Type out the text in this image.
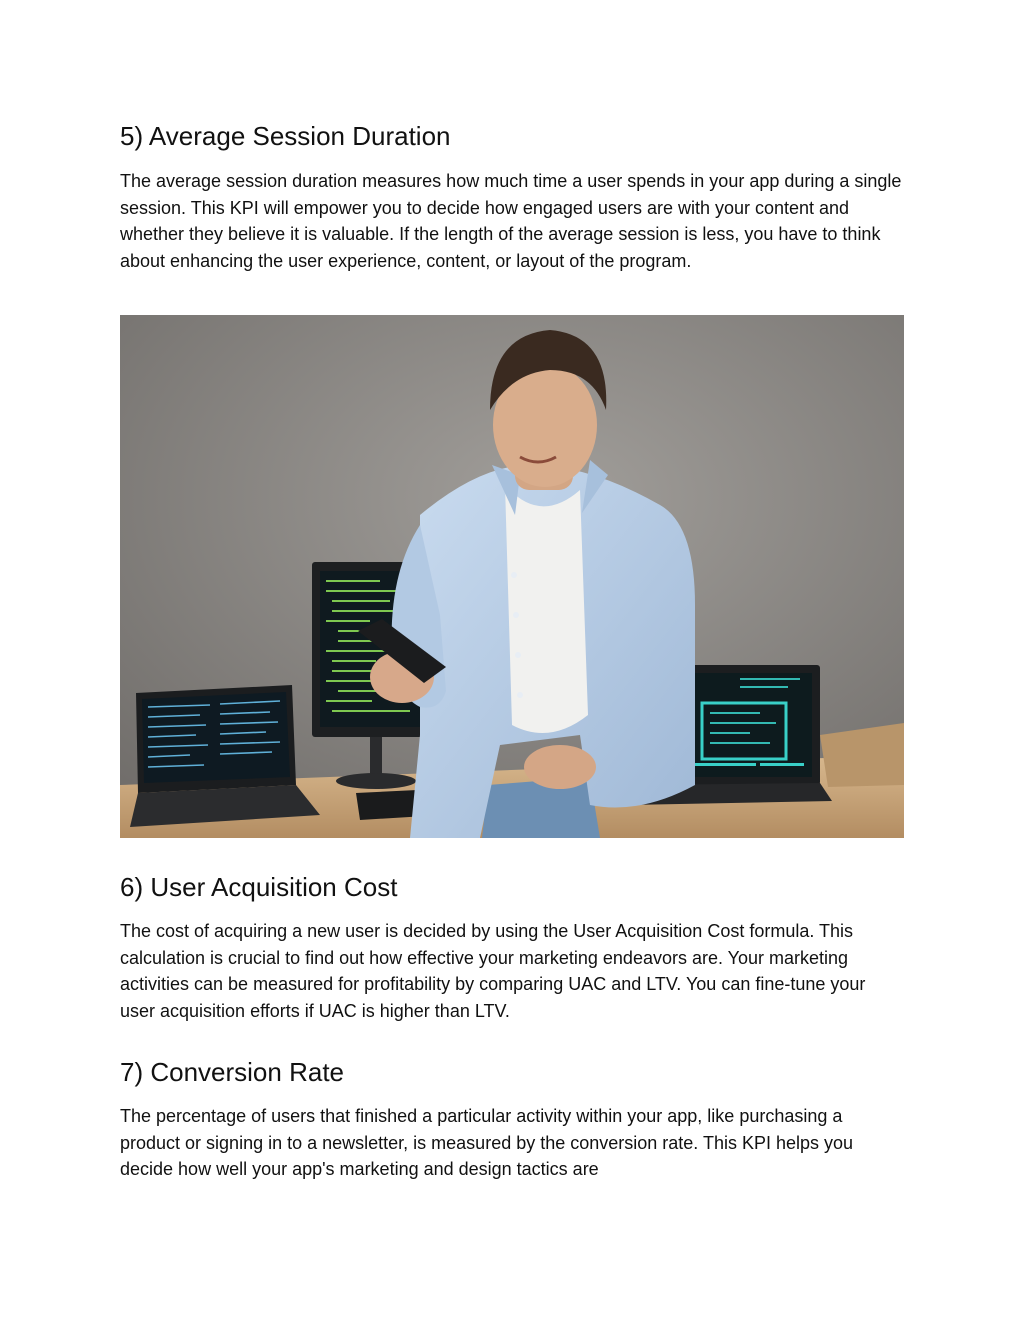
5) Average Session Duration

The average session duration measures how much time a user spends in your app during a single session. This KPI will empower you to decide how engaged users are with your content and whether they believe it is valuable. If the length of the average session is less, you have to think about enhancing the user experience, content, or layout of the program.

6) User Acquisition Cost

The cost of acquiring a new user is decided by using the User Acquisition Cost formula. This calculation is crucial to find out how effective your marketing endeavors are. Your marketing activities can be measured for profitability by comparing UAC and LTV. You can fine-tune your user acquisition efforts if UAC is higher than LTV.

7) Conversion Rate

The percentage of users that finished a particular activity within your app, like purchasing a product or signing in to a newsletter, is measured by the conversion rate. This KPI helps you decide how well your app's marketing and design tactics are
